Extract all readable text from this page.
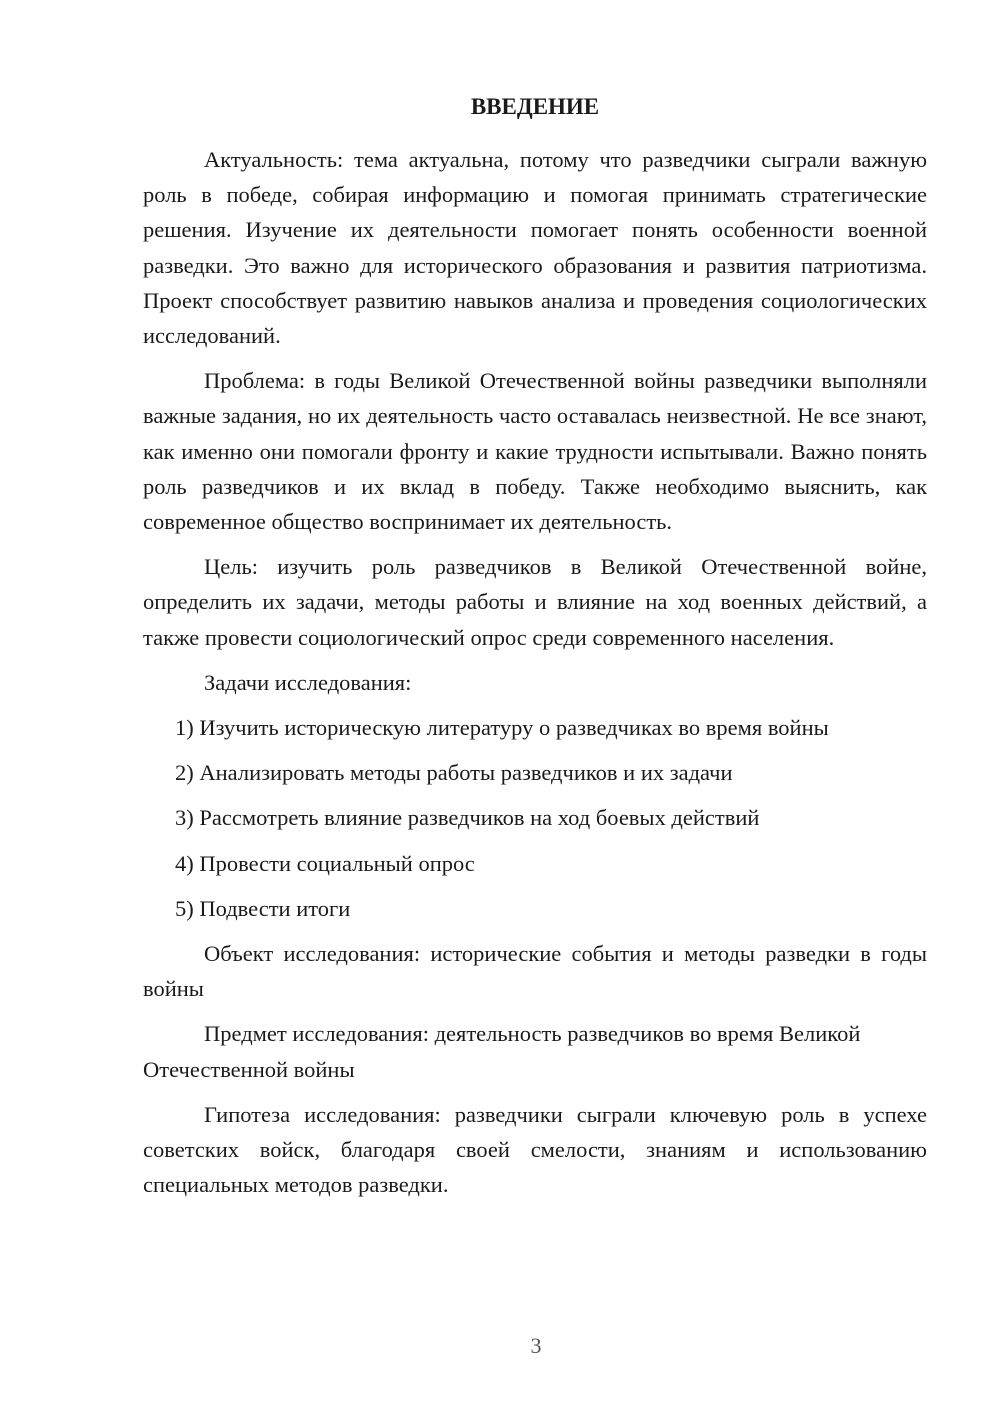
ВВЕДЕНИЕ

Актуальность: тема актуальна, потому что разведчики сыграли важную роль в победе, собирая информацию и помогая принимать стратегические решения. Изучение их деятельности помогает понять особенности военной разведки. Это важно для исторического образования и развития патриотизма. Проект способствует развитию навыков анализа и проведения социологических исследований.

Проблема: в годы Великой Отечественной войны разведчики выполняли важные задания, но их деятельность часто оставалась неизвестной. Не все знают, как именно они помогали фронту и какие трудности испытывали. Важно понять роль разведчиков и их вклад в победу. Также необходимо выяснить, как современное общество воспринимает их деятельность.

Цель: изучить роль разведчиков в Великой Отечественной войне, определить их задачи, методы работы и влияние на ход военных действий, а также провести социологический опрос среди современного населения.

Задачи исследования:

1) Изучить историческую литературу о разведчиках во время войны
2) Анализировать методы работы разведчиков и их задачи
3) Рассмотреть влияние разведчиков на ход боевых действий
4) Провести социальный опрос
5) Подвести итоги

Объект исследования: исторические события и методы разведки в годы войны

Предмет исследования: деятельность разведчиков во время Великой Отечественной войны

Гипотеза исследования: разведчики сыграли ключевую роль в успехе советских войск, благодаря своей смелости, знаниям и использованию специальных методов разведки.

3
